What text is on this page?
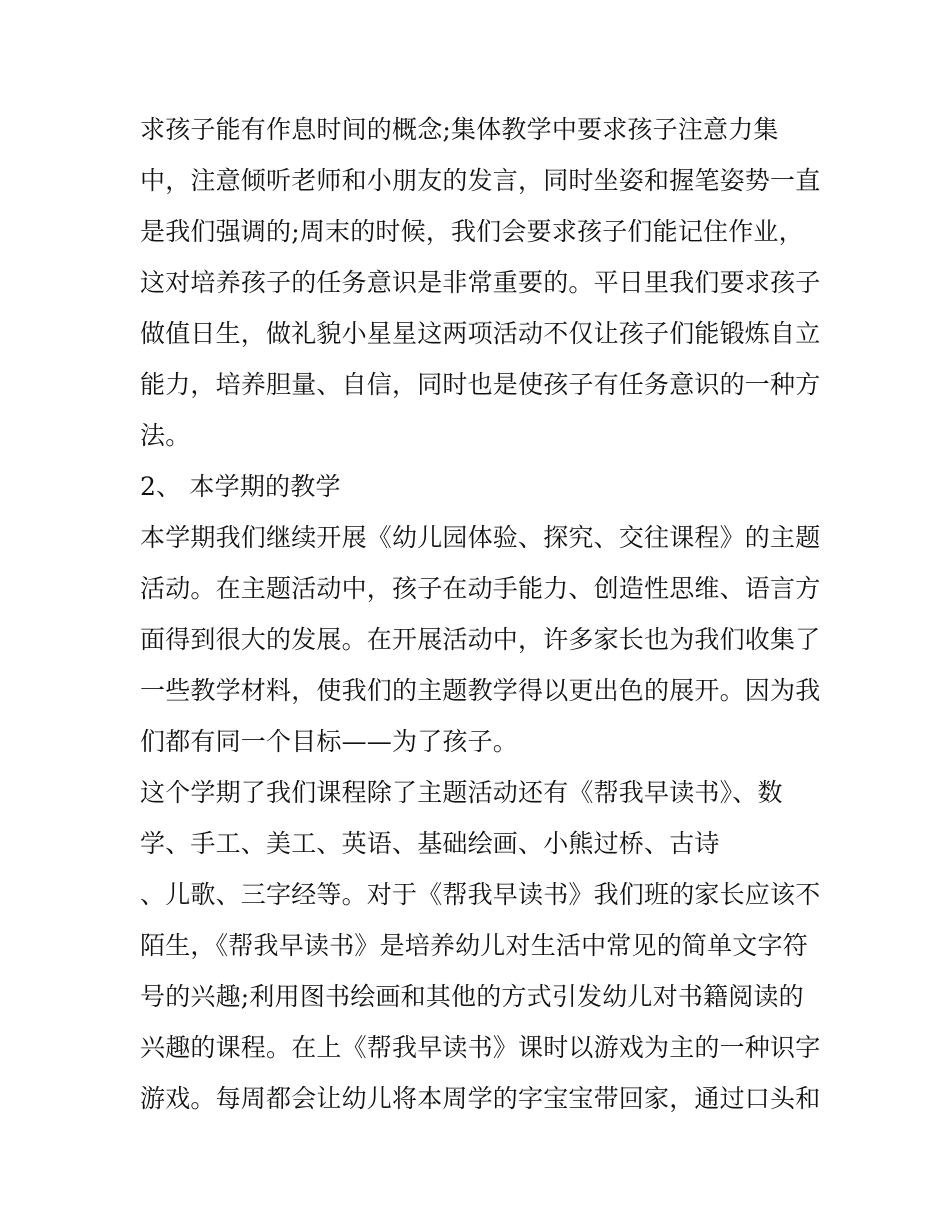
求孩子能有作息时间的概念;集体教学中要求孩子注意力集

中，注意倾听老师和小朋友的发言，同时坐姿和握笔姿势一直

是我们强调的;周末的时候，我们会要求孩子们能记住作业，

这对培养孩子的任务意识是非常重要的。平日里我们要求孩子

做值日生，做礼貌小星星这两项活动不仅让孩子们能锻炼自立

能力，培养胆量、自信，同时也是使孩子有任务意识的一种方

法。

2、 本学期的教学

本学期我们继续开展《幼儿园体验、探究、交往课程》的主题

活动。在主题活动中，孩子在动手能力、创造性思维、语言方

面得到很大的发展。在开展活动中，许多家长也为我们收集了

一些教学材料，使我们的主题教学得以更出色的展开。因为我

们都有同一个目标——为了孩子。

这个学期了我们课程除了主题活动还有《帮我早读书》、数

学、手工、美工、英语、基础绘画、小熊过桥、古诗

、儿歌、三字经等。对于《帮我早读书》我们班的家长应该不

陌生，《帮我早读书》是培养幼儿对生活中常见的简单文字符

号的兴趣;利用图书绘画和其他的方式引发幼儿对书籍阅读的

兴趣的课程。在上《帮我早读书》课时以游戏为主的一种识字

游戏。每周都会让幼儿将本周学的字宝宝带回家，通过口头和
